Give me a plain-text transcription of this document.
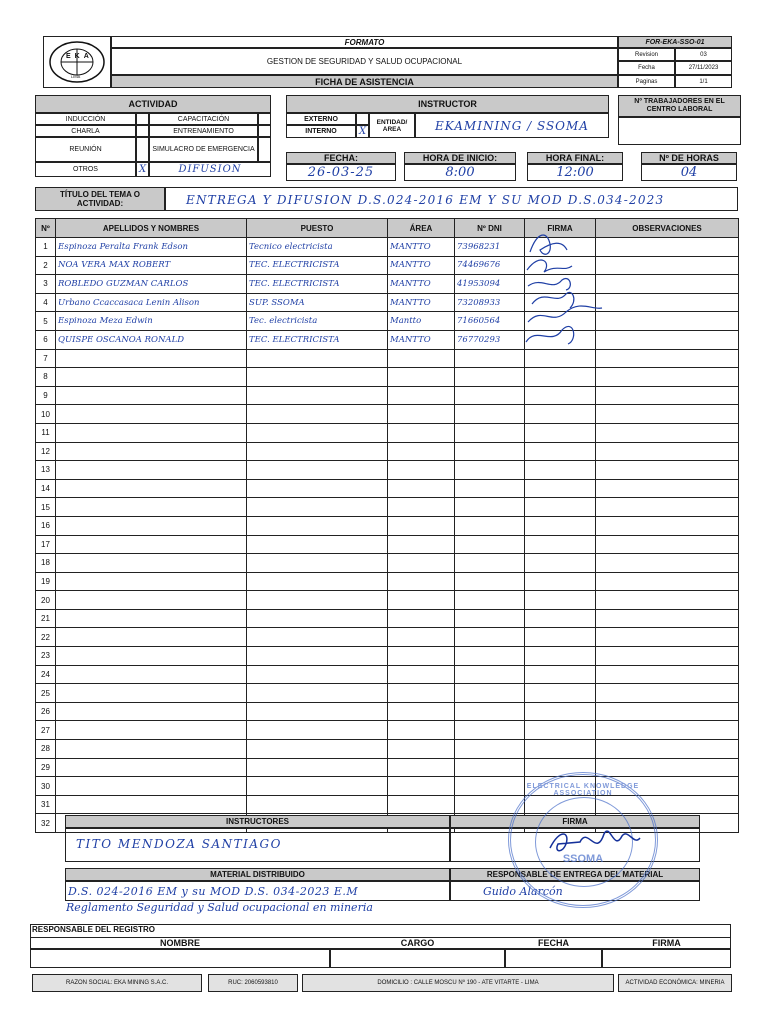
EKA
LIMA
FORMATO
GESTION DE SEGURIDAD Y SALUD OCUPACIONAL
FICHA DE ASISTENCIA
FOR-EKA-SSO-01
Revision	03
Fecha	27/11/2023
Paginas	1/1
ACTIVIDAD
INDUCCIÓN	CAPACITACIÓN
CHARLA	ENTRENAMIENTO
REUNIÓN	SIMULACRO DE EMERGENCIA
OTROS	X	DIFUSION
INSTRUCTOR
EXTERNO
INTERNO	X
ENTIDAD/ AREA	EKAMINING / SSOMA
Nº TRABAJADORES EN EL CENTRO LABORAL
FECHA:
26-03-25
HORA DE INICIO:
8:00
HORA FINAL:
12:00
Nº DE HORAS
04
TÍTULO DEL TEMA O ACTIVIDAD:	ENTREGA Y DIFUSION D.S.024-2016 EM Y SU MOD D.S.034-2023
Nº	APELLIDOS Y NOMBRES	PUESTO	ÁREA	Nº DNI	FIRMA	OBSERVACIONES
1	Espinoza Peralta Frank Edson	Tecnico electricista	MANTTO	73968231		
2	NOA VERA MAX ROBERT	TEC. ELECTRICISTA	MANTTO	74469676		
3	ROBLEDO GUZMAN CARLOS	TEC. ELECTRICISTA	MANTTO	41953094		
4	Urbano Ccaccasaca Lenin Alison	SUP. SSOMA	MANTTO	73208933		
5	Espinoza Meza Edwin	Tec. electricista	Mantto	71660564		
6	QUISPE OSCANOA RONALD	TEC. ELECTRICISTA	MANTTO	76770293		
7						
8						
9						
10						
11						
12						
13						
14						
15						
16						
17						
18						
19						
20						
21						
22						
23						
24						
25						
26						
27						
28						
29						
30						
31						
32							INSTRUCTORES
TITO MENDOZA SANTIAGO
FIRMA
MATERIAL DISTRIBUIDO
D.S. 024-2016 EM y su MOD D.S. 034-2023 E.M
Reglamento Seguridad y Salud ocupacional en mineria
RESPONSABLE DE ENTREGA DEL MATERIAL
Guido Alarcón
ELECTRICAL KNOWLEDGE ASSOCIATION
SSOMA
RESPONSABLE DEL REGISTRO
NOMBRE	CARGO	FECHA	FIRMA
RAZON SOCIAL: EKA MINING S.A.C.	RUC: 2060593810	DOMICILIO : CALLE MOSCU Nº 190 - ATE VITARTE - LIMA	ACTIVIDAD ECONÓMICA: MINERIA
